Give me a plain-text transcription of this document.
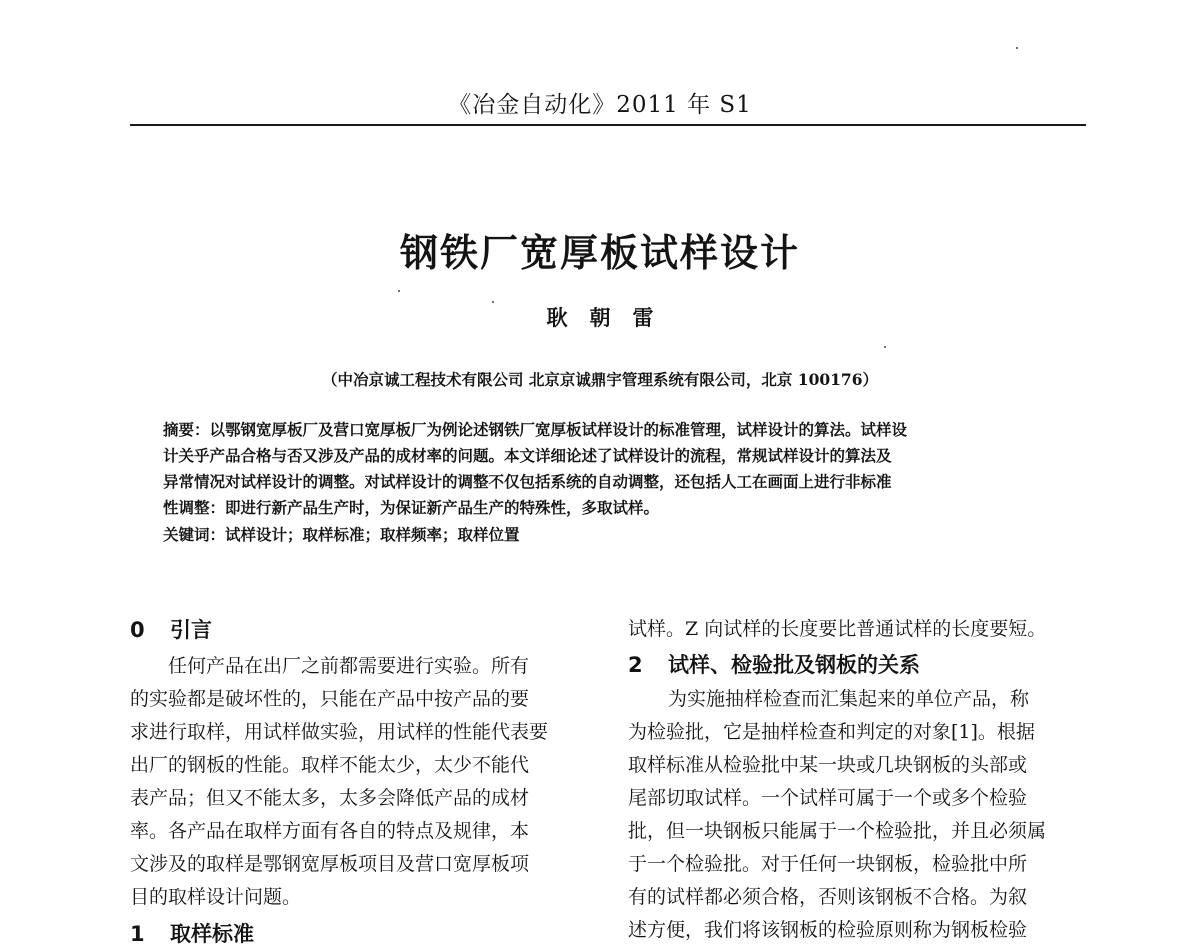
《冶金自动化》2011 年 S1
钢铁厂宽厚板试样设计
耿朝雷
（中冶京诚工程技术有限公司 北京京诚鼎宇管理系统有限公司，北京 100176）
摘要：以鄂钢宽厚板厂及营口宽厚板厂为例论述钢铁厂宽厚板试样设计的标准管理，试样设计的算法。试样设
计关乎产品合格与否又涉及产品的成材率的问题。本文详细论述了试样设计的流程，常规试样设计的算法及
异常情况对试样设计的调整。对试样设计的调整不仅包括系统的自动调整，还包括人工在画面上进行非标准
性调整：即进行新产品生产时，为保证新产品生产的特殊性，多取试样。
关键词：试样设计；取样标准；取样频率；取样位置
0 引言
任何产品在出厂之前都需要进行实验。所有
的实验都是破坏性的，只能在产品中按产品的要
求进行取样，用试样做实验，用试样的性能代表要
出厂的钢板的性能。取样不能太少，太少不能代
表产品；但又不能太多，太多会降低产品的成材
率。各产品在取样方面有各自的特点及规律，本
文涉及的取样是鄂钢宽厚板项目及营口宽厚板项
目的取样设计问题。
1 取样标准
试样。Z 向试样的长度要比普通试样的长度要短。
2 试样、检验批及钢板的关系
为实施抽样检查而汇集起来的单位产品，称
为检验批，它是抽样检查和判定的对象[1]。根据
取样标准从检验批中某一块或几块钢板的头部或
尾部切取试样。一个试样可属于一个或多个检验
批，但一块钢板只能属于一个检验批，并且必须属
于一个检验批。对于任何一块钢板，检验批中所
有的试样都必须合格，否则该钢板不合格。为叙
述方便，我们将该钢板的检验原则称为钢板检验
